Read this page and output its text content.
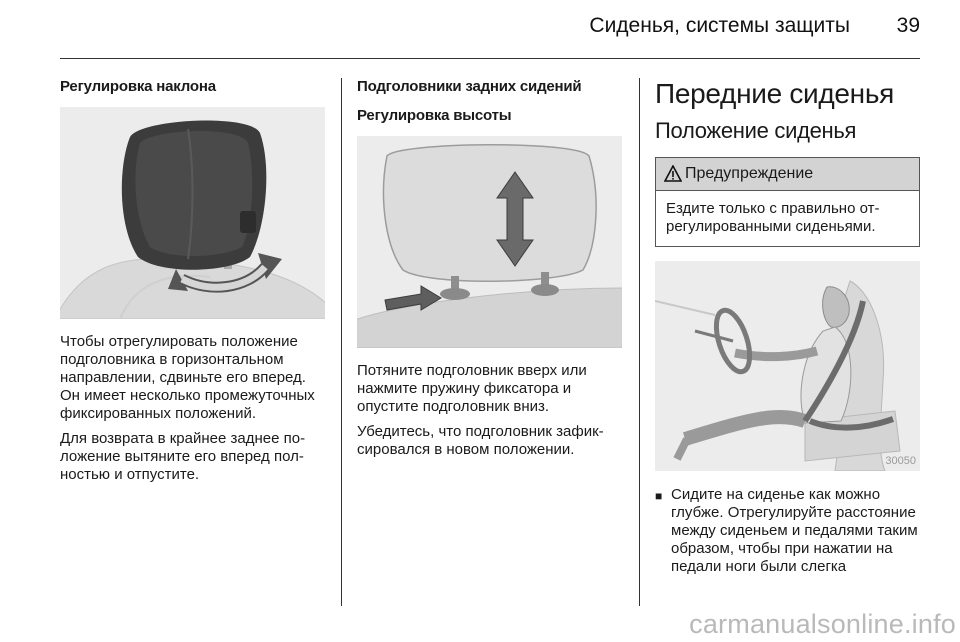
Сиденья, системы защиты	39
Регулировка наклона

Чтобы отрегулировать положение подголовника в горизонтальном направлении, сдвиньте его вперед. Он имеет несколько промежуточных фиксированных положений.

Для возврата в крайнее заднее положение вытяните его вперед полностью и отпустите.

Подголовники задних сидений
Регулировка высоты

Потяните подголовник вверх или нажмите пружину фиксатора и опустите подголовник вниз.

Убедитесь, что подголовник зафиксировался в новом положении.

Передние сиденья
Положение сиденья
Предупреждение
Ездите только с правильно отрегулированными сиденьями.
30050
■ Сидите на сиденье как можно глубже. Отрегулируйте расстояние между сиденьем и педалями таким образом, чтобы при нажатии на педали ноги были слегка
carmanualsonline.info
